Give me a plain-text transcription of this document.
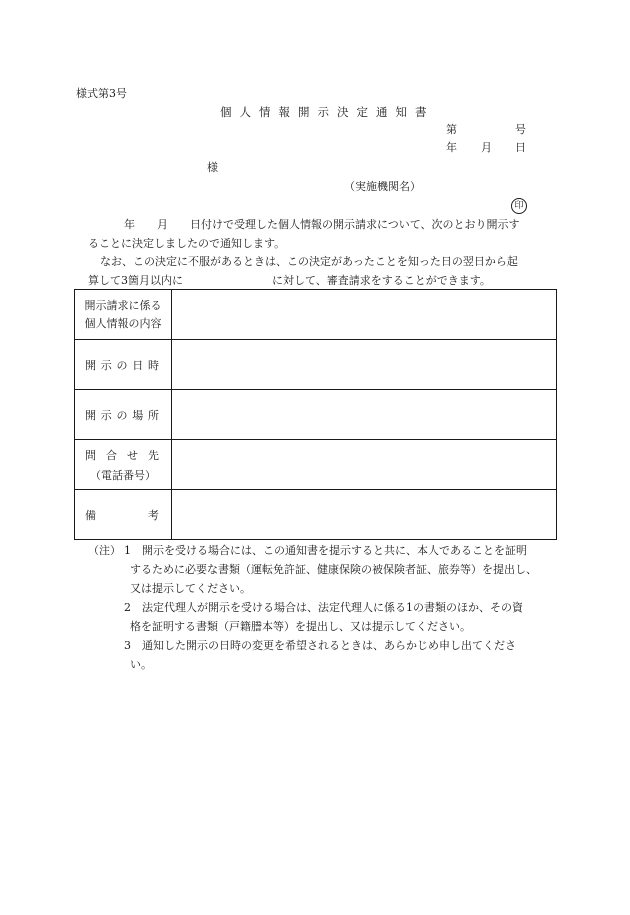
様式第3号
個人情報開示決定通知書
第	号
年 月 日
様
（実施機関名）
印
年　　月　　日付けで受理した個人情報の開示請求について、次のとおり開示す
ることに決定しましたので通知します。
なお、この決定に不服があるときは、この決定があったことを知った日の翌日から起
算して3箇月以内に	に対して、審査請求をすることができます。
開示請求に係る
個人情報の内容	

開 示 の 日 時	

開 示 の 場 所	

問 合 せ 先
（電話番号）	

備 考	

（注） 1 開示を受ける場合には、この通知書を提示すると共に、本人であることを証明
するために必要な書類（運転免許証、健康保険の被保険者証、旅券等）を提出し、
又は提示してください。
2 法定代理人が開示を受ける場合は、法定代理人に係る1の書類のほか、その資
格を証明する書類（戸籍謄本等）を提出し、又は提示してください。
3 通知した開示の日時の変更を希望されるときは、あらかじめ申し出てくださ
い。
